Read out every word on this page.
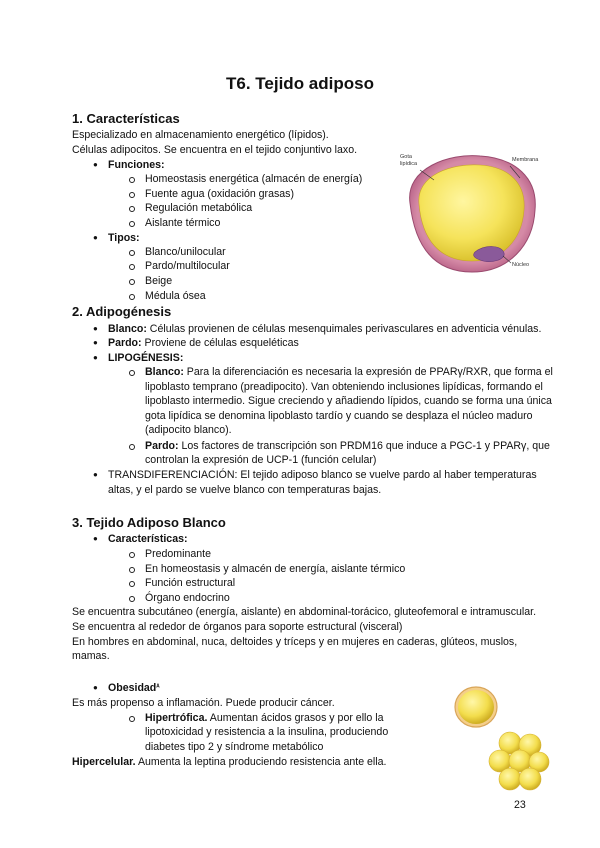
T6. Tejido adiposo
1. Características
Especializado en almacenamiento energético (lípidos).
Células adipocitos. Se encuentra en el tejido conjuntivo laxo.
● Funciones:
Homeostasis energética (almacén de energía)
Fuente agua (oxidación grasas)
Regulación metabólica
Aislante térmico
● Tipos:
Blanco/unilocular
Pardo/multilocular
Beige
Médula ósea
Gota
lipídica
Membrana
Núcleo
2. Adipogénesis
● Blanco: Células provienen de células mesenquimales perivasculares en adventicia vénulas.
● Pardo: Proviene de células esqueléticas
● LIPOGÉNESIS:
Blanco: Para la diferenciación es necesaria la expresión de PPARγ/RXR, que forma el
lipoblasto temprano (preadipocito). Van obteniendo inclusiones lipídicas, formando el
lipoblasto intermedio. Sigue creciendo y añadiendo lípidos, cuando se forma una única
gota lipídica se denomina lipoblasto tardío y cuando se desplaza el núcleo maduro
(adipocito blanco).
Pardo: Los factores de transcripción son PRDM16 que induce a PGC-1 y PPARγ, que
controlan la expresión de UCP-1 (función celular)
● TRANSDIFERENCIACIÓN: El tejido adiposo blanco se vuelve pardo al haber temperaturas
altas, y el pardo se vuelve blanco con temperaturas bajas.
3. Tejido Adiposo Blanco
● Características:
Predominante
En homeostasis y almacén de energía, aislante térmico
Función estructural
Órgano endocrino
Se encuentra subcutáneo (energía, aislante) en abdominal-torácico, gluteofemoral e intramuscular.
Se encuentra al rededor de órganos para soporte estructural (visceral)
En hombres en abdominal, nuca, deltoides y tríceps y en mujeres en caderas, glúteos, muslos,
mamas.
● Obesidad$^ᴬ$
Es más propenso a inflamación. Puede producir cáncer.
Hipertrófica. Aumentan ácidos grasos y por ello la
lipotoxicidad y resistencia a la insulina, produciendo
diabetes tipo 2 y síndrome metabólico
Hipercelular. Aumenta la leptina produciendo resistencia ante ella.
23
